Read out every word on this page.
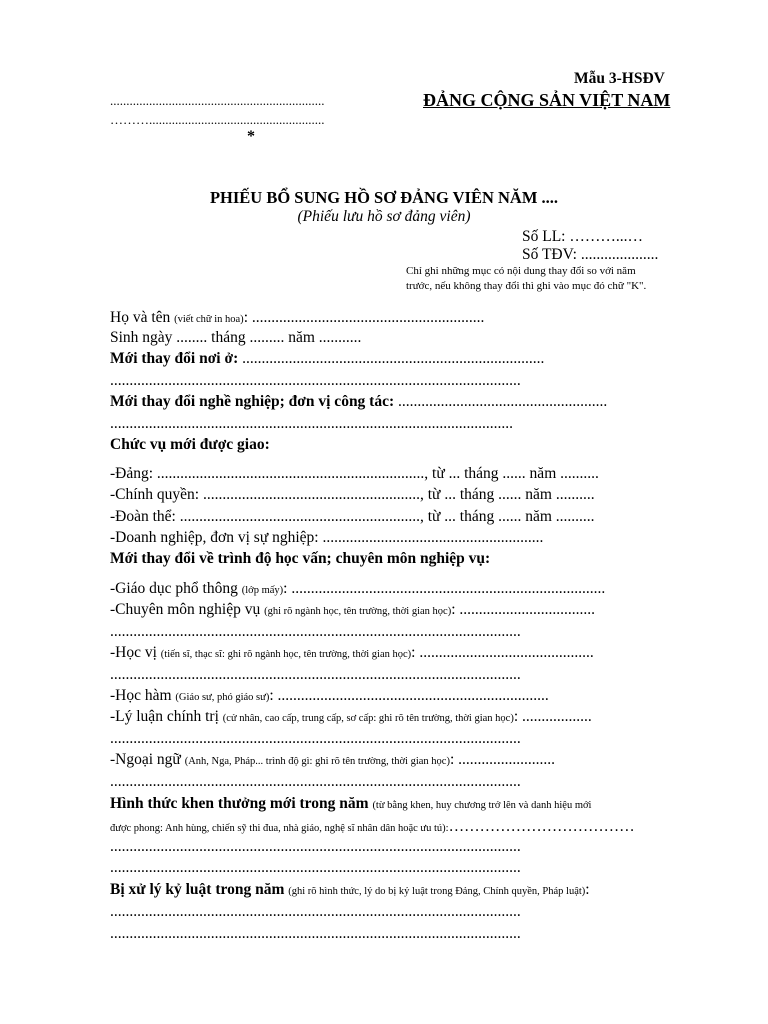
Mẫu 3-HSĐV
..................................................................
………......................................................
*
ĐẢNG CỘNG SẢN VIỆT NAM
PHIẾU BỔ SUNG HỒ SƠ ĐẢNG VIÊN NĂM ....
(Phiếu lưu hồ sơ đảng viên)
Số LL: ………...…
Số TĐV: ....................
Chỉ ghi những mục có nội dung thay đổi so với năm
trước, nếu không thay đổi thì ghi vào mục đó chữ "K".
Họ và tên (viết chữ in hoa): ............................................................
Sinh ngày ........ tháng ......... năm ...........
Mới thay đổi nơi ở: ..............................................................................
..........................................................................................................
Mới thay đổi nghề nghiệp; đơn vị công tác: ......................................................
........................................................................................................
Chức vụ mới được giao:
-Đảng: ....................................................................., từ ... tháng ...... năm ..........
-Chính quyền: ........................................................, từ ... tháng ...... năm ..........
-Đoàn thể: .............................................................., từ ... tháng ...... năm ..........
-Doanh nghiệp, đơn vị sự nghiệp: .........................................................
Mới thay đổi về trình độ học vấn; chuyên môn nghiệp vụ:
-Giáo dục phổ thông (lớp mấy): .................................................................................
-Chuyên môn nghiệp vụ (ghi rõ ngành học, tên trường, thời gian học): ...................................
..........................................................................................................
-Học vị (tiến sĩ, thạc sĩ: ghi rõ ngành học, tên trường, thời gian học): .............................................
..........................................................................................................
-Học hàm (Giáo sư, phó giáo sư): ......................................................................
-Lý luận chính trị (cử nhân, cao cấp, trung cấp, sơ cấp: ghi rõ tên trường, thời gian học): ..................
..........................................................................................................
-Ngoại ngữ (Anh, Nga, Pháp... trình độ gì: ghi rõ tên trường, thời gian học): .........................
..........................................................................................................
Hình thức khen thưởng mới trong năm (từ bằng khen, huy chương trở lên và danh hiệu mới
được phong: Anh hùng, chiến sỹ thi đua, nhà giáo, nghệ sĩ nhân dân hoặc ưu tú):………………………………
..........................................................................................................
..........................................................................................................
Bị xử lý kỷ luật trong năm (ghi rõ hình thức, lý do bị kỷ luật trong Đảng, Chính quyền, Pháp luật):
..........................................................................................................
..........................................................................................................
